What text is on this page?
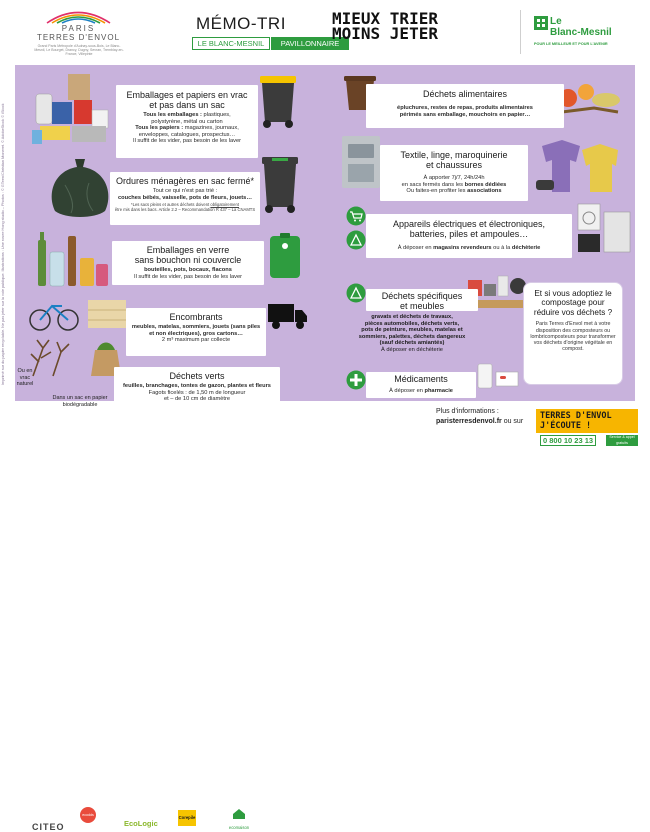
PARIS
TERRES D'ENVOL
Grand Paris Métropole d'Aulnay-sous-Bois, Le Blanc-Mesnil, Le Bourget, Drancy, Dugny, Sevran, Tremblay-en-France, Villepinte
MÉMO-TRI
LE BLANC-MESNIL	PAVILLONNAIRE
MIEUX TRIER
MOINS JETER
Le
Blanc-Mesnil
POUR LE MEILLEUR ET POUR L'AVENIR
Imprimé sur du papier recyclable. Ne pas jeter sur la voie publique. Illustrations : Une rosee Hong studio – Photos : © GTeen/Christian Moneret. © AdobeStock © iStock
Emballages et papiers en vrac
et pas dans un sac
Tous les emballages : plastiques,
polystyrène, métal ou carton
Tous les papiers : magazines, journaux,
enveloppes, catalogues, prospectus…
Il suffit de les vider, pas besoin de les laver
Ordures ménagères en sac fermé*
Tout ce qui n'est pas trié :
couches bébés, vaisselle, pots de fleurs, jouets…
*Les sacs pleins et autres déchets doivent obligatoirement
être mis dans les bacs. Article 2.2 – Recommandation R 437 – La CNAMTS
Emballages en verre
sans bouchon ni couvercle
bouteilles, pots, bocaux, flacons
Il suffit de les vider, pas besoin de les laver
Encombrants
meubles, matelas, sommiers, jouets (sans piles
et non électriques), gros cartons…
2 m³ maximum par collecte
Ou en vrac
naturel
Dans un sac en papier
biodégradable
Déchets verts
feuilles, branchages, tontes de gazon, plantes et fleurs
Fagots ficelés : de 1,50 m de longueur
et – de 10 cm de diamètre
Déchets alimentaires
épluchures, restes de repas, produits alimentaires
périmés sans emballage, mouchoirs en papier…
Textile, linge, maroquinerie
et chaussures
À apporter 7j/7, 24h/24h
en sacs fermés dans les bornes dédiées
Ou faites-en profiter les associations
Appareils électriques et électroniques,
batteries, piles et ampoules…
À déposer en magasins revendeurs ou à la déchèterie
Déchets spécifiques
et meubles
gravats et déchets de travaux,
pièces automobiles, déchets verts,
pots de peinture, meubles, matelas et
sommiers, palettes, déchets dangereux
(sauf déchets amiantés)
À déposer en déchèterie
Médicaments
À déposer en pharmacie
Et si vous adoptiez le compostage pour réduire vos déchets ?
Paris Terres d'Envol met à votre disposition des composteurs ou lombricomposteurs pour transformer vos déchets d'origine végétale en compost.
CITEO
ecodds
EcoLogic
Corepile
ecomaison
Plus d'informations :
paristerresdenvol.fr ou sur
TERRES D'ENVOL
J'ÉCOUTE !
0 800 10 23 13	Service & appel gratuits
